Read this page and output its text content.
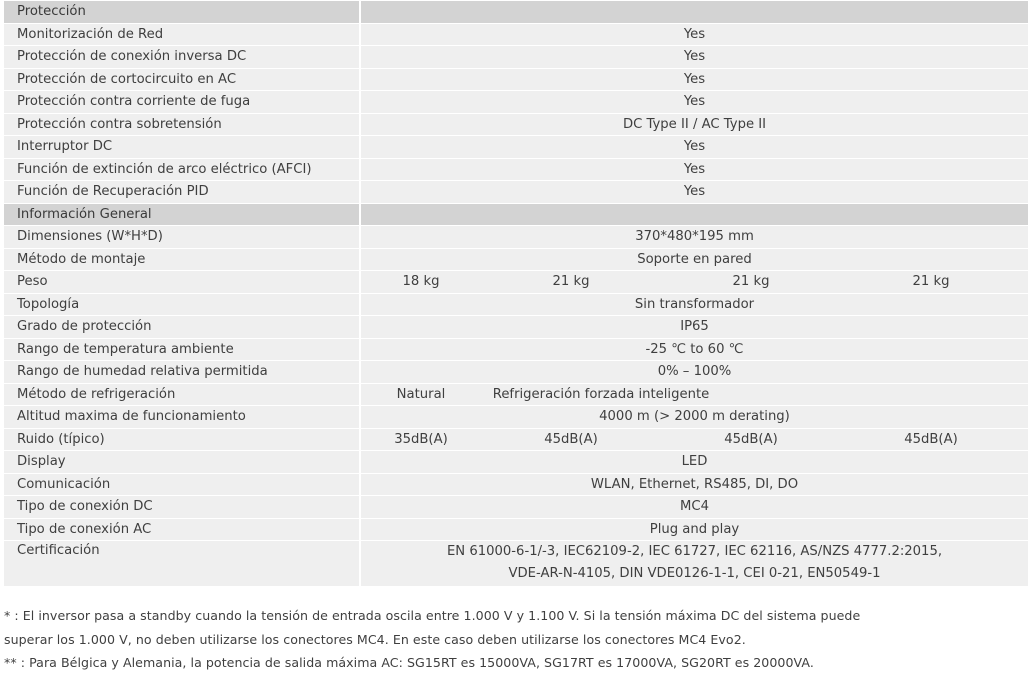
Protección	
Monitorización de Red	Yes
Protección de conexión inversa DC	Yes
Protección de cortocircuito en AC	Yes
Protección contra corriente de fuga	Yes
Protección contra sobretensión	DC Type II / AC Type II
Interruptor DC	Yes
Función de extinción de arco eléctrico (AFCI)	Yes
Función de Recuperación PID	Yes
Información General	
Dimensiones (W*H*D)	370*480*195 mm
Método de montaje	Soporte en pared
Peso	18 kg 21 kg 21 kg 21 kg

Topología	Sin transformador
Grado de protección	IP65
Rango de temperatura ambiente	-25 ℃ to 60 ℃
Rango de humedad relativa permitida	0% – 100%
Método de refrigeración	Natural Refrigeración forzada inteligente

Altitud maxima de funcionamiento	4000 m (> 2000 m derating)
Ruido (típico)	35dB(A) 45dB(A) 45dB(A) 45dB(A)

Display	LED
Comunicación	WLAN, Ethernet, RS485, DI, DO
Tipo de conexión DC	MC4
Tipo de conexión AC	Plug and play

Certificación	EN 61000-6-1/-3, IEC62109-2, IEC 61727, IEC 62116, AS/NZS 4777.2:2015,
VDE-AR-N-4105, DIN VDE0126-1-1, CEI 0-21, EN50549-1

* : El inversor pasa a standby cuando la tensión de entrada oscila entre 1.000 V y 1.100 V. Si la tensión máxima DC del sistema puede

superar los 1.000 V, no deben utilizarse los conectores MC4. En este caso deben utilizarse los conectores MC4 Evo2.

** : Para Bélgica y Alemania, la potencia de salida máxima AC: SG15RT es 15000VA, SG17RT es 17000VA, SG20RT es 20000VA.
